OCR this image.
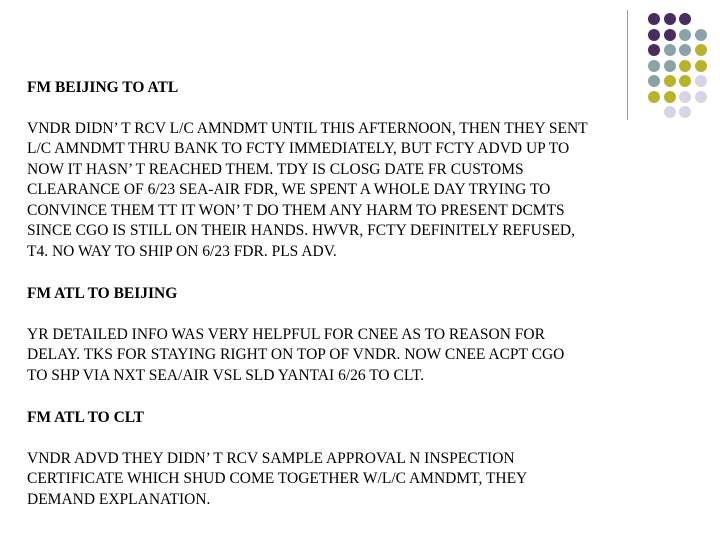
FM BEIJING TO ATL

VNDR DIDN’ T RCV L/C AMNDMT UNTIL THIS AFTERNOON, THEN THEY SENT
L/C AMNDMT THRU BANK TO FCTY IMMEDIATELY, BUT FCTY ADVD UP TO
NOW IT HASN’ T REACHED THEM. TDY IS CLOSG DATE FR CUSTOMS
CLEARANCE OF 6/23 SEA-AIR FDR, WE SPENT A WHOLE DAY TRYING TO
CONVINCE THEM TT IT WON’ T DO THEM ANY HARM TO PRESENT DCMTS
SINCE CGO IS STILL ON THEIR HANDS. HWVR, FCTY DEFINITELY REFUSED,
T4. NO WAY TO SHIP ON 6/23 FDR. PLS ADV.

FM ATL TO BEIJING

YR DETAILED INFO WAS VERY HELPFUL FOR CNEE AS TO REASON FOR
DELAY. TKS FOR STAYING RIGHT ON TOP OF VNDR. NOW CNEE ACPT CGO
TO SHP VIA NXT SEA/AIR VSL SLD YANTAI 6/26 TO CLT.

FM ATL TO CLT

VNDR ADVD THEY DIDN’ T RCV SAMPLE APPROVAL N INSPECTION
CERTIFICATE WHICH SHUD COME TOGETHER W/L/C AMNDMT, THEY
DEMAND EXPLANATION.
